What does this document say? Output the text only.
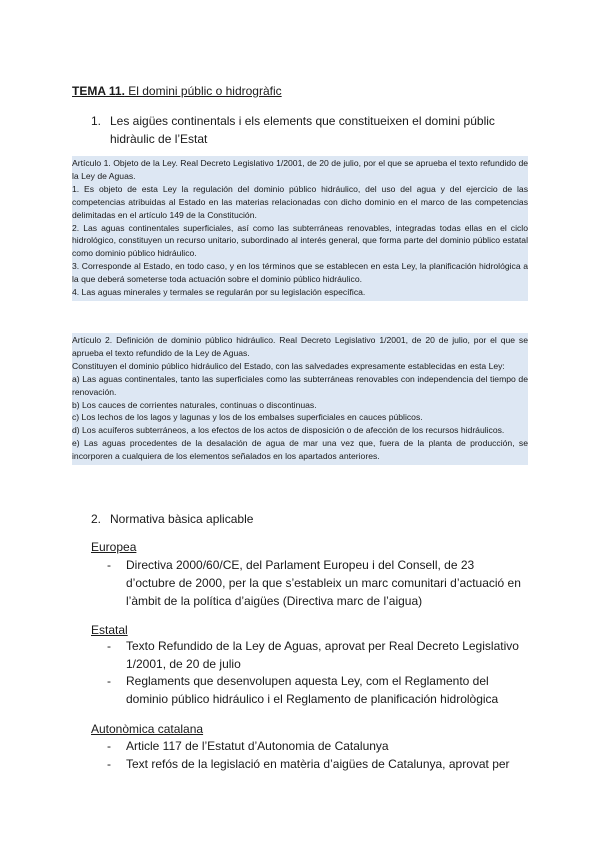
TEMA 11. El domini públic o hidrogràfic
1. Les aigües continentals i els elements que constitueixen el domini públic
hidràulic de l’Estat

Artículo 1. Objeto de la Ley. Real Decreto Legislativo 1/2001, de 20 de julio, por el que se aprueba el texto refundido de la Ley de Aguas.

1. Es objeto de esta Ley la regulación del dominio público hidráulico, del uso del agua y del ejercicio de las competencias atribuidas al Estado en las materias relacionadas con dicho dominio en el marco de las competencias delimitadas en el artículo 149 de la Constitución.

2. Las aguas continentales superficiales, así como las subterráneas renovables, integradas todas ellas en el ciclo hidrológico, constituyen un recurso unitario, subordinado al interés general, que forma parte del dominio público estatal como dominio público hidráulico.

3. Corresponde al Estado, en todo caso, y en los términos que se establecen en esta Ley, la planificación hidrológica a la que deberá someterse toda actuación sobre el dominio público hidráulico.

4. Las aguas minerales y termales se regularán por su legislación específica.

Artículo 2. Definición de dominio público hidráulico. Real Decreto Legislativo 1/2001, de 20 de julio, por el que se aprueba el texto refundido de la Ley de Aguas.

Constituyen el dominio público hidráulico del Estado, con las salvedades expresamente establecidas en esta Ley:

a) Las aguas continentales, tanto las superficiales como las subterráneas renovables con independencia del tiempo de renovación.

b) Los cauces de corrientes naturales, continuas o discontinuas.

c) Los lechos de los lagos y lagunas y los de los embalses superficiales en cauces públicos.

d) Los acuíferos subterráneos, a los efectos de los actos de disposición o de afección de los recursos hidráulicos.

e) Las aguas procedentes de la desalación de agua de mar una vez que, fuera de la planta de producción, se incorporen a cualquiera de los elementos señalados en los apartados anteriores.

2. Normativa bàsica aplicable
Europea
- Directiva 2000/60/CE, del Parlament Europeu i del Consell, de 23
d’octubre de 2000, per la que s’estableix un marc comunitari d’actuació en
l’àmbit de la política d’aigües (Directiva marc de l’aigua)
Estatal
- Texto Refundido de la Ley de Aguas, aprovat per Real Decreto Legislativo
1/2001, de 20 de julio
- Reglaments que desenvolupen aquesta Ley, com el Reglamento del
dominio público hidráulico i el Reglamento de planificación hidrològica
Autonòmica catalana
- Article 117 de l’Estatut d’Autonomia de Catalunya
- Text refós de la legislació en matèria d’aigües de Catalunya, aprovat per
